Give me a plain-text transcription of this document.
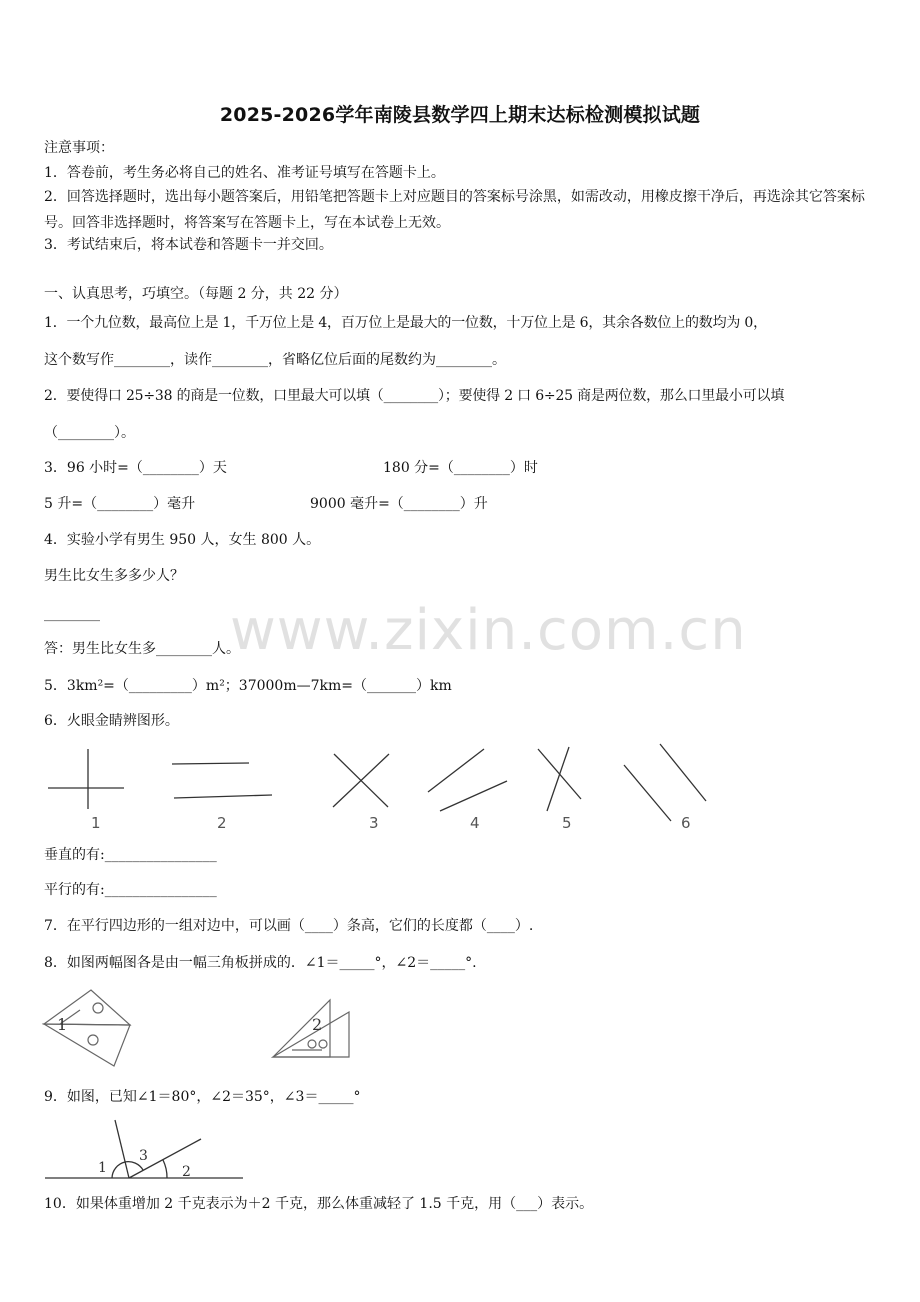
2025-2026学年南陵县数学四上期末达标检测模拟试题
注意事项：
1．答卷前，考生务必将自己的姓名、准考证号填写在答题卡上。
2．回答选择题时，选出每小题答案后，用铅笔把答题卡上对应题目的答案标号涂黑，如需改动，用橡皮擦干净后，再选涂其它答案标号。回答非选择题时，将答案写在答题卡上，写在本试卷上无效。
3．考试结束后，将本试卷和答题卡一并交回。
一、认真思考，巧填空。（每题 2 分，共 22 分）
1．一个九位数，最高位上是 1，千万位上是 4，百万位上是最大的一位数，十万位上是 6，其余各数位上的数均为 0，
这个数写作________，读作________，省略亿位后面的尾数约为________。
2．要使得口 25÷38 的商是一位数，口里最大可以填（________）；要使得 2 口 6÷25 商是两位数，那么口里最小可以填
（________）。
3．96 小时=（________）天	180 分=（________）时
5 升=（________）毫升	9000 毫升=（________）升
4．实验小学有男生 950 人，女生 800 人。
男生比女生多多少人？
________
答：男生比女生多________人。
www.zixin.com.cn
5．3km²=（_________）m²；37000m—7km=（_______）km
6．火眼金睛辨图形。
1	2	3	4	5	6
垂直的有:________________
平行的有:________________
7．在平行四边形的一组对边中，可以画（____）条高，它们的长度都（____）.
8．如图两幅图各是由一幅三角板拼成的．∠1＝_____°，∠2＝_____°.
1	2
9．如图，已知∠1＝80°，∠2＝35°，∠3＝_____°
1
3
2
10．如果体重增加 2 千克表示为＋2 千克，那么体重减轻了 1.5 千克，用（___）表示。
